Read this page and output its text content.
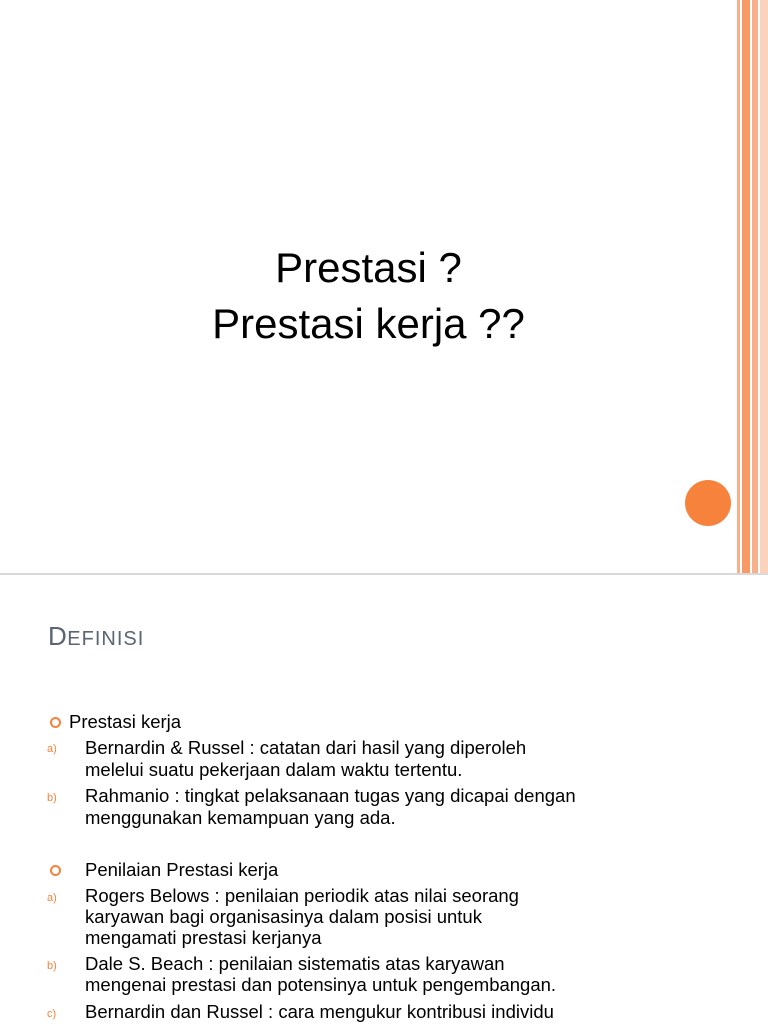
Prestasi ?
Prestasi kerja ??
DEFINISI
Prestasi kerja
a) Bernardin & Russel : catatan dari hasil yang diperoleh
melelui suatu pekerjaan dalam waktu tertentu.
b) Rahmanio : tingkat pelaksanaan tugas yang dicapai dengan
menggunakan kemampuan yang ada.
Penilaian Prestasi kerja
a) Rogers Belows : penilaian periodik atas nilai seorang
karyawan bagi organisasinya dalam posisi untuk
mengamati prestasi kerjanya
b) Dale S. Beach : penilaian sistematis atas karyawan
mengenai prestasi dan potensinya untuk pengembangan.
c) Bernardin dan Russel : cara mengukur kontribusi individu
